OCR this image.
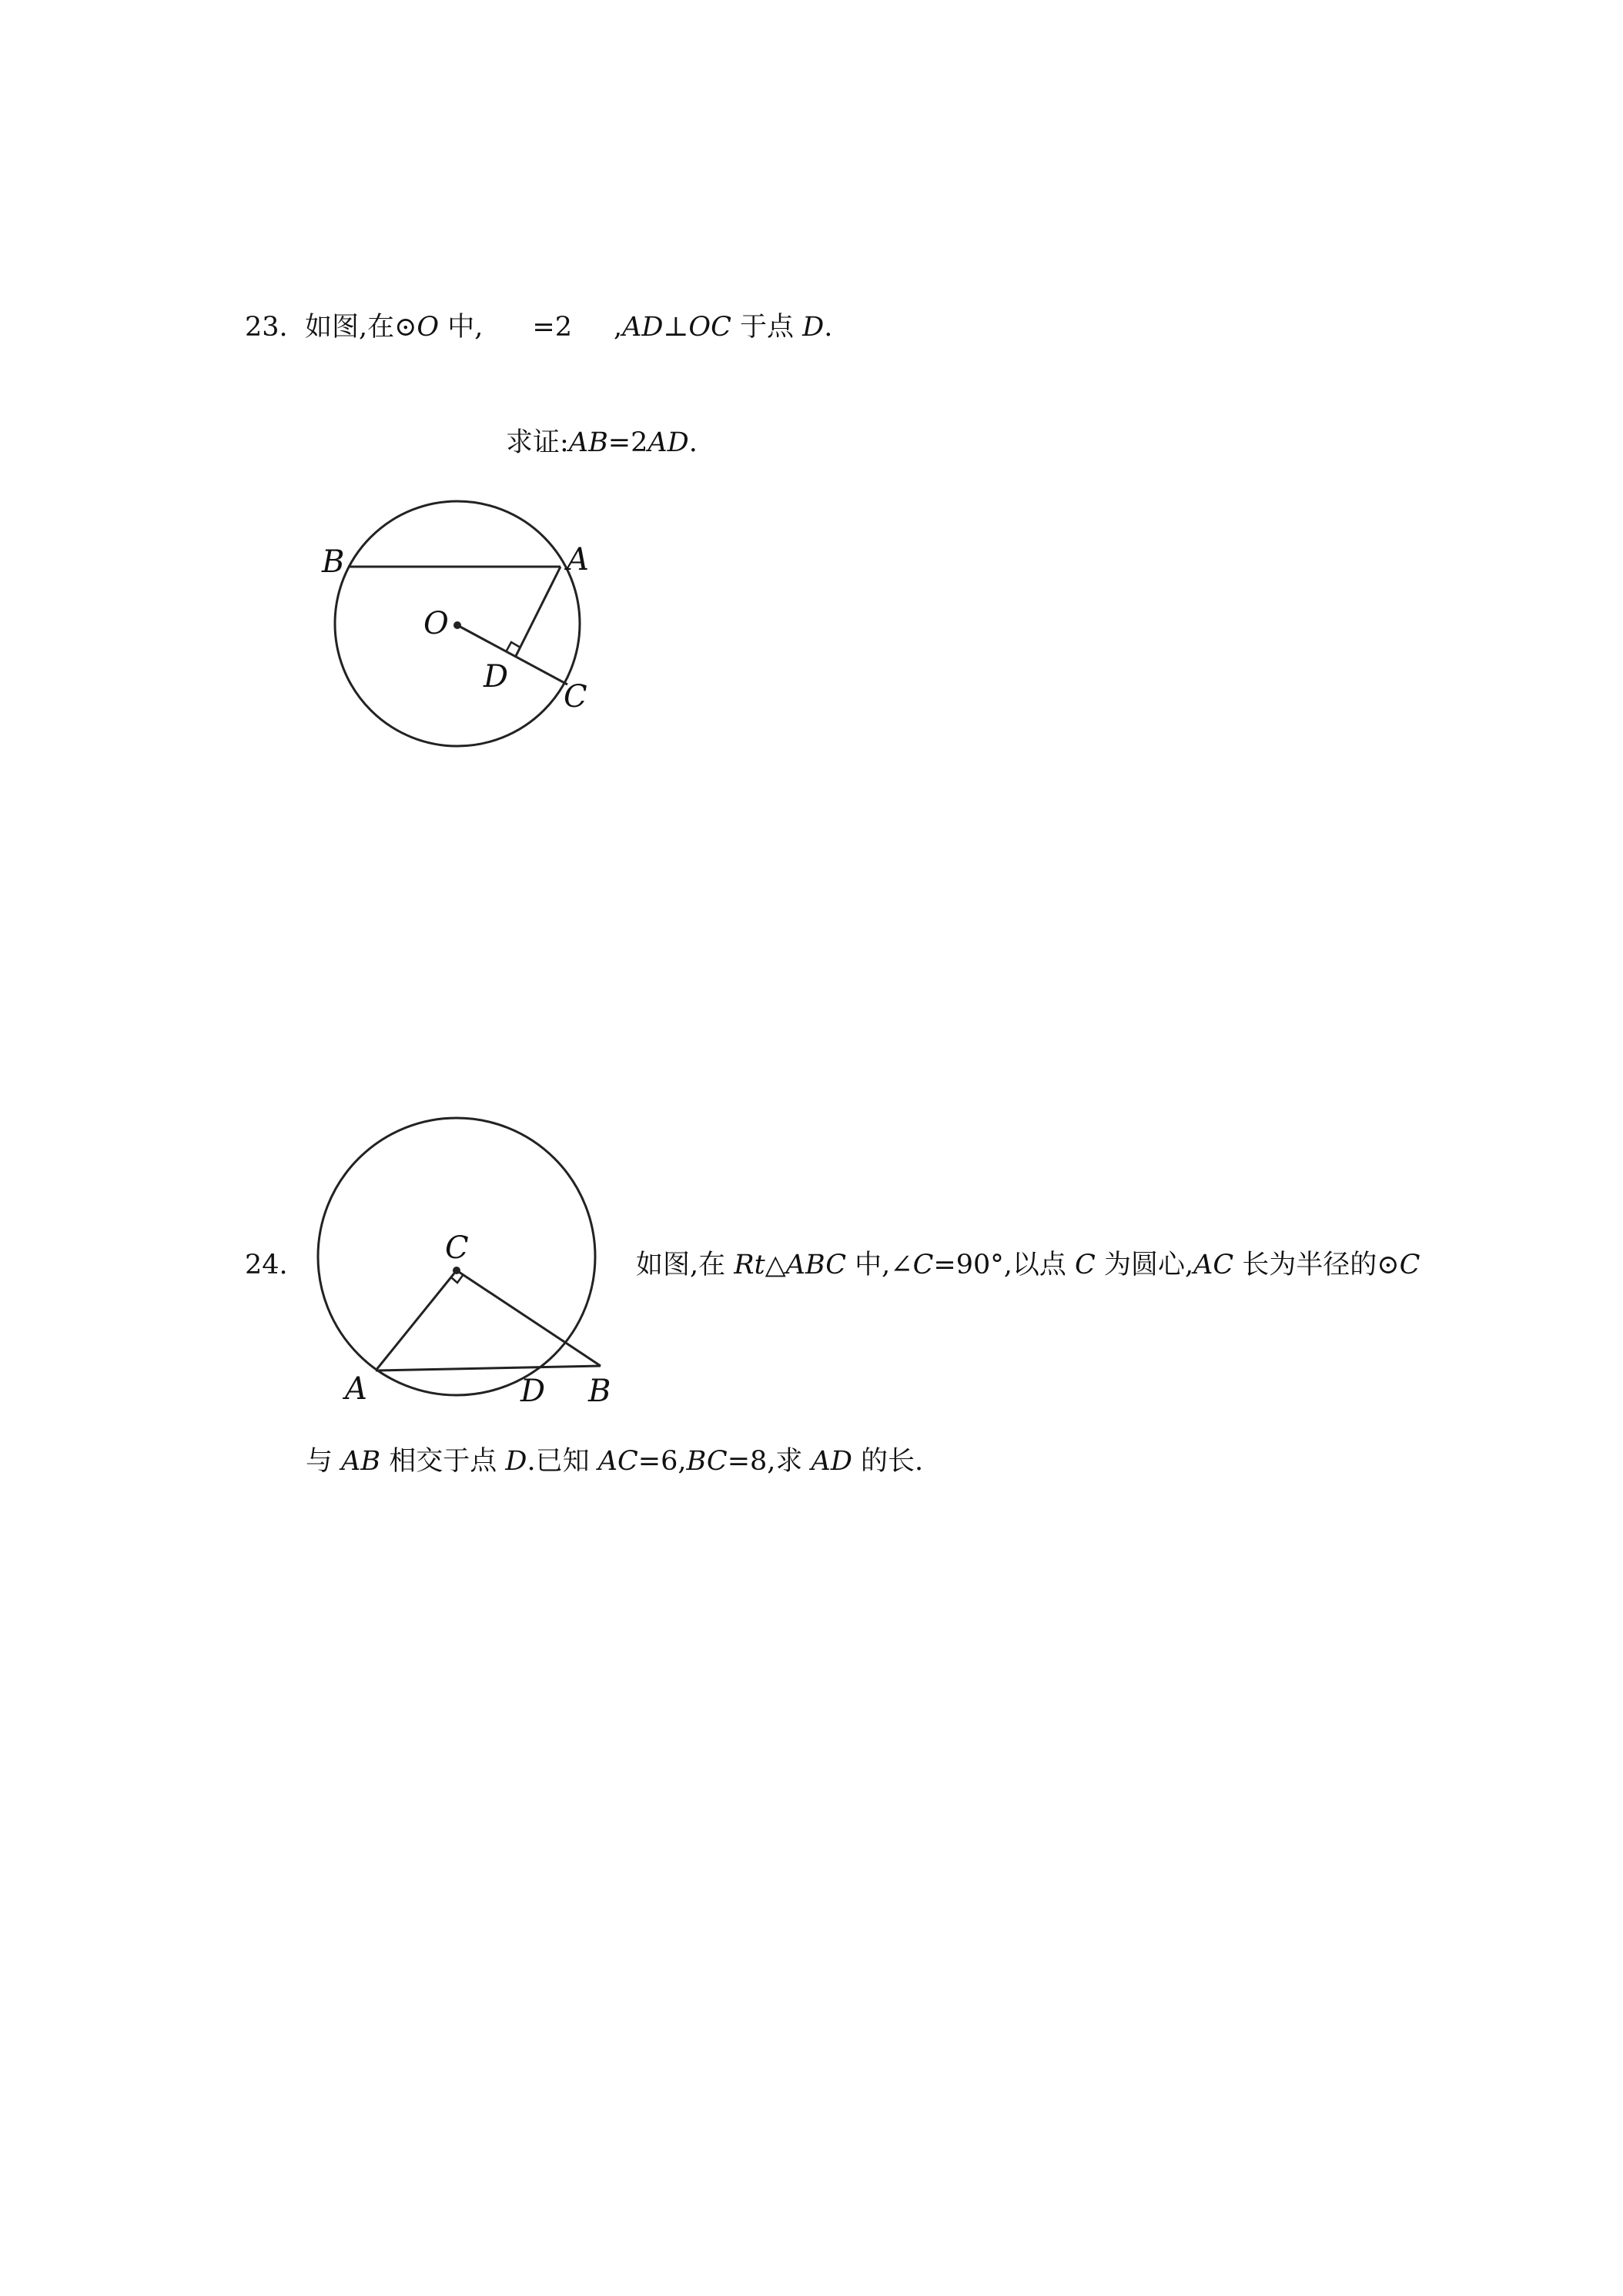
23. 如图,在⊙O 中, =2 ,AD⊥OC 于点 D.
求证:AB=2AD.
B	A
O
D
C
24.	C
A	D B
如图,在 Rt△ABC 中,∠C=90°,以点 C 为圆心,AC 长为半径的⊙C
与 AB 相交于点 D.已知 AC=6,BC=8,求 AD 的长.
